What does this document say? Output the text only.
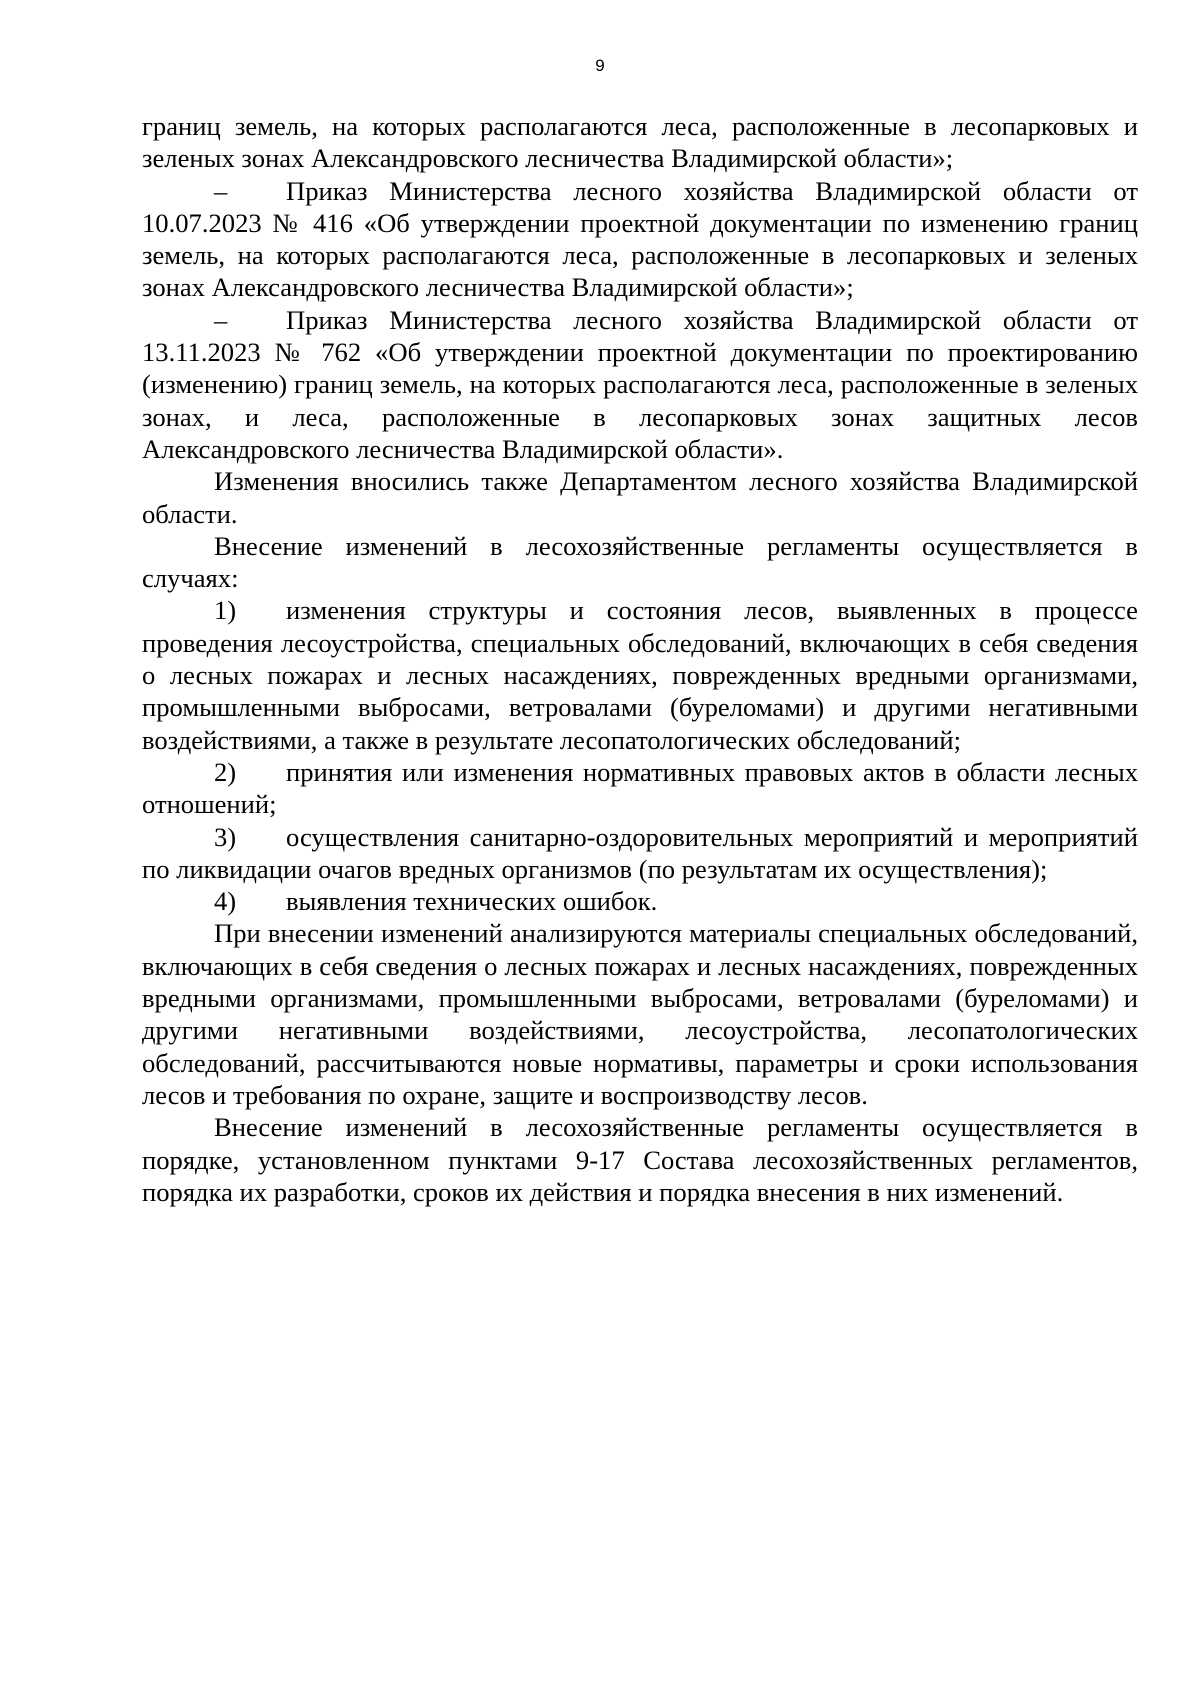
9

границ земель, на которых располагаются леса, расположенные в лесопарковых и зеленых зонах Александровского лесничества Владимирской области»;

– Приказ Министерства лесного хозяйства Владимирской области от 10.07.2023 № 416 «Об утверждении проектной документации по изменению границ земель, на которых располагаются леса, расположенные в лесопарковых и зеленых зонах Александровского лесничества Владимирской области»;

– Приказ Министерства лесного хозяйства Владимирской области от 13.11.2023 № 762 «Об утверждении проектной документации по проектированию (изменению) границ земель, на которых располагаются леса, расположенные в зеленых зонах, и леса, расположенные в лесопарковых зонах защитных лесов Александровского лесничества Владимирской области».

Изменения вносились также Департаментом лесного хозяйства Владимирской области.

Внесение изменений в лесохозяйственные регламенты осуществляется в случаях:

1) изменения структуры и состояния лесов, выявленных в процессе проведения лесоустройства, специальных обследований, включающих в себя сведения о лесных пожарах и лесных насаждениях, поврежденных вредными организмами, промышленными выбросами, ветровалами (буреломами) и другими негативными воздействиями, а также в результате лесопатологических обследований;

2) принятия или изменения нормативных правовых актов в области лесных отношений;

3) осуществления санитарно-оздоровительных мероприятий и мероприятий по ликвидации очагов вредных организмов (по результатам их осуществления);

4) выявления технических ошибок.

При внесении изменений анализируются материалы специальных обследований, включающих в себя сведения о лесных пожарах и лесных насаждениях, поврежденных вредными организмами, промышленными выбросами, ветровалами (буреломами) и другими негативными воздействиями, лесоустройства, лесопатологических обследований, рассчитываются новые нормативы, параметры и сроки использования лесов и требования по охране, защите и воспроизводству лесов.

Внесение изменений в лесохозяйственные регламенты осуществляется в порядке, установленном пунктами 9-17 Состава лесохозяйственных регламентов, порядка их разработки, сроков их действия и порядка внесения в них изменений.
